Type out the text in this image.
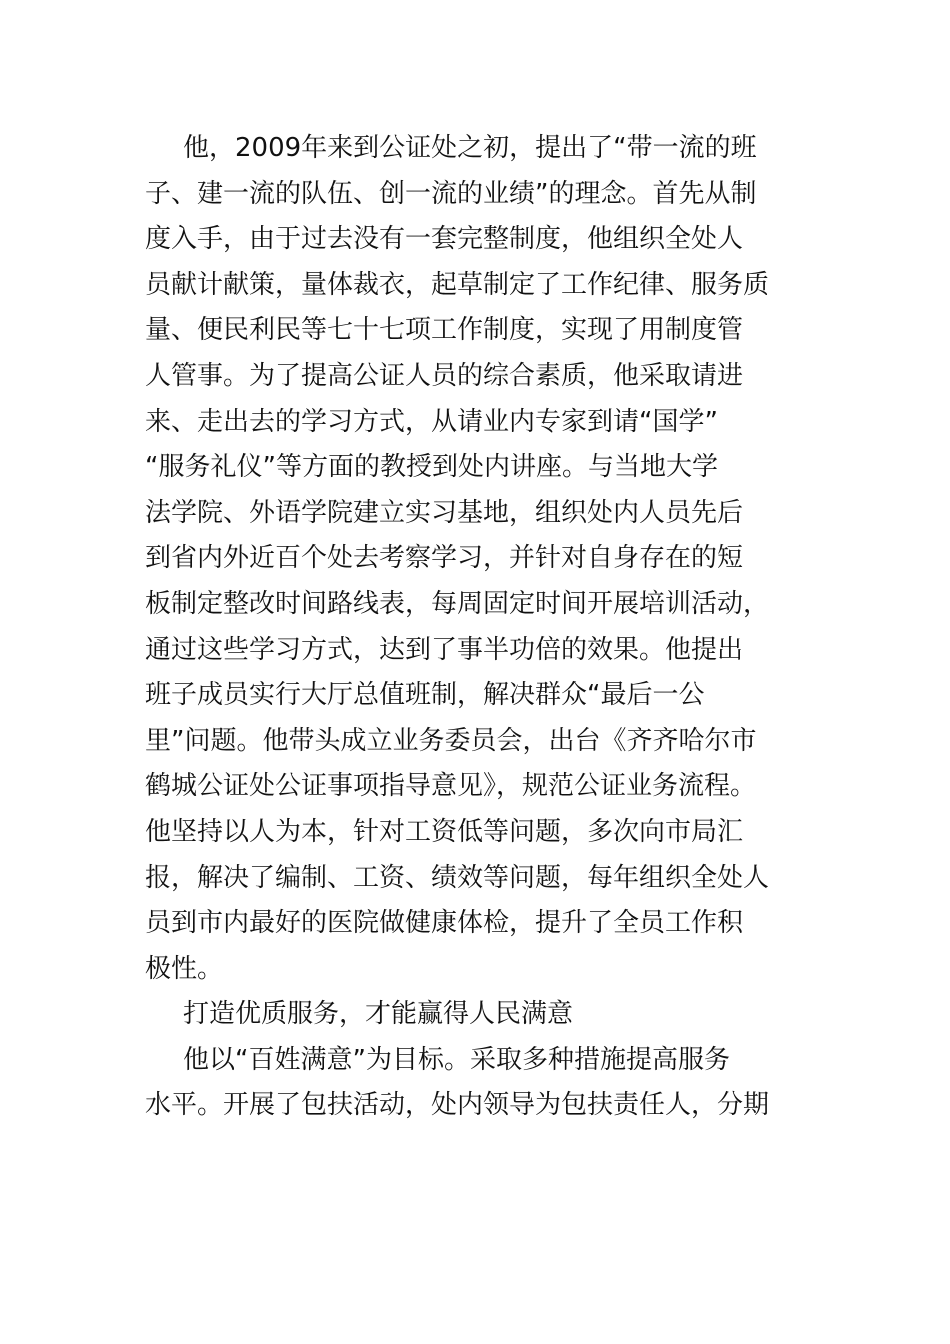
他，2009年来到公证处之初，提出了“带一流的班
子、建一流的队伍、创一流的业绩”的理念。首先从制
度入手，由于过去没有一套完整制度，他组织全处人
员献计献策，量体裁衣，起草制定了工作纪律、服务质
量、便民利民等七十七项工作制度，实现了用制度管
人管事。为了提高公证人员的综合素质，他采取请进
来、走出去的学习方式，从请业内专家到请“国学”
“服务礼仪”等方面的教授到处内讲座。与当地大学
法学院、外语学院建立实习基地，组织处内人员先后
到省内外近百个处去考察学习，并针对自身存在的短
板制定整改时间路线表，每周固定时间开展培训活动，
通过这些学习方式，达到了事半功倍的效果。他提出
班子成员实行大厅总值班制，解决群众“最后一公
里”问题。他带头成立业务委员会，出台《齐齐哈尔市
鹤城公证处公证事项指导意见》，规范公证业务流程。
他坚持以人为本，针对工资低等问题，多次向市局汇
报，解决了编制、工资、绩效等问题，每年组织全处人
员到市内最好的医院做健康体检，提升了全员工作积
极性。
打造优质服务，才能赢得人民满意
他以“百姓满意”为目标。采取多种措施提高服务
水平。开展了包扶活动，处内领导为包扶责任人，分期
